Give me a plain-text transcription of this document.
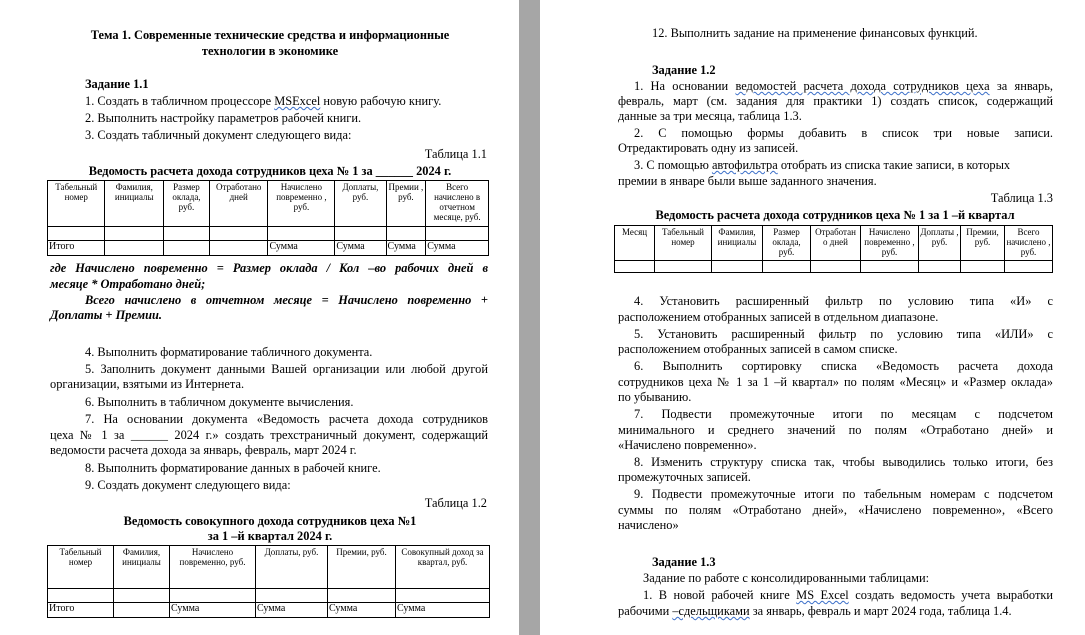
Тема 1. Современные технические средства и информационные
технологии в экономике
Задание 1.1
1. Создать в табличном процессоре MSExcel новую рабочую книгу.
2. Выполнить настройку параметров рабочей книги.
3. Создать табличный документ следующего вида:
Таблица 1.1
Ведомость расчета дохода сотрудников цеха № 1 за ______ 2024 г.
Табельный номер	Фамилия, инициалы	Размер оклада, руб.	Отработано дней	Начислено повременно , руб.	Доплаты, руб.	Премии , руб.	Всего начислено в отчетном месяце, руб.

Итого				Сумма	Сумма	Сумма	Сумма
где Начислено повременно = Размер оклада / Кол –во рабочих дней в
месяце * Отработано дней;
Всего начислено в отчетном месяце = Начислено повременно +
Доплаты + Премии.
4. Выполнить форматирование табличного документа.
5. Заполнить документ данными Вашей организации или любой другой
организации, взятыми из Интернета.
6. Выполнить в табличном документе вычисления.
7. На основании документа «Ведомость расчета дохода сотрудников
цеха № 1 за ______ 2024 г.» создать трехстраничный документ, содержащий
ведомости расчета дохода за январь, февраль, март 2024 г.
8. Выполнить форматирование данных в рабочей книге.
9. Создать документ следующего вида:
Таблица 1.2
Ведомость совокупного дохода сотрудников цеха №1
за 1 –й квартал 2024 г.
Табельный номер	Фамилия, инициалы	Начислено повременно, руб.	Доплаты, руб.	Премии, руб.	Совокупный доход за квартал, руб.

Итого		Сумма	Сумма	Сумма	Сумма
12. Выполнить задание на применение финансовых функций.
Задание 1.2
1. На основании ведомостей расчета дохода сотрудников цеха за январь,
февраль, март (см. задания для практики 1) создать список, содержащий
данные за три месяца, таблица 1.3.
2. С помощью формы добавить в список три новые записи.
Отредактировать одну из записей.
3. С помощью автофильтра отобрать из списка такие записи, в которых
премии в январе были выше заданного значения.
Таблица 1.3
Ведомость расчета дохода сотрудников цеха № 1 за 1 –й квартал
Месяц	Табельный номер	Фамилия, инициалы	Размер оклада, руб.	Отработан о дней	Начислено повременно , руб.	Доплаты , руб.	Премии, руб.	Всего начислено , руб.

4. Установить расширенный фильтр по условию типа «И» с
расположением отобранных записей в отдельном диапазоне.
5. Установить расширенный фильтр по условию типа «ИЛИ» с
расположением отобранных записей в самом списке.
6. Выполнить сортировку списка «Ведомость расчета дохода
сотрудников цеха № 1 за 1 –й квартал» по полям «Месяц» и «Размер оклада»
по убыванию.
7. Подвести промежуточные итоги по месяцам с подсчетом
минимального и среднего значений по полям «Отработано дней» и
«Начислено повременно».
8. Изменить структуру списка так, чтобы выводились только итоги, без
промежуточных записей.
9. Подвести промежуточные итоги по табельным номерам с подсчетом
суммы по полям «Отработано дней», «Начислено повременно», «Всего
начислено»
Задание 1.3
Задание по работе с консолидированными таблицами:
1. В новой рабочей книге MS Excel создать ведомость учета выработки
рабочими –сдельщиками за январь, февраль и март 2024 года, таблица 1.4.
